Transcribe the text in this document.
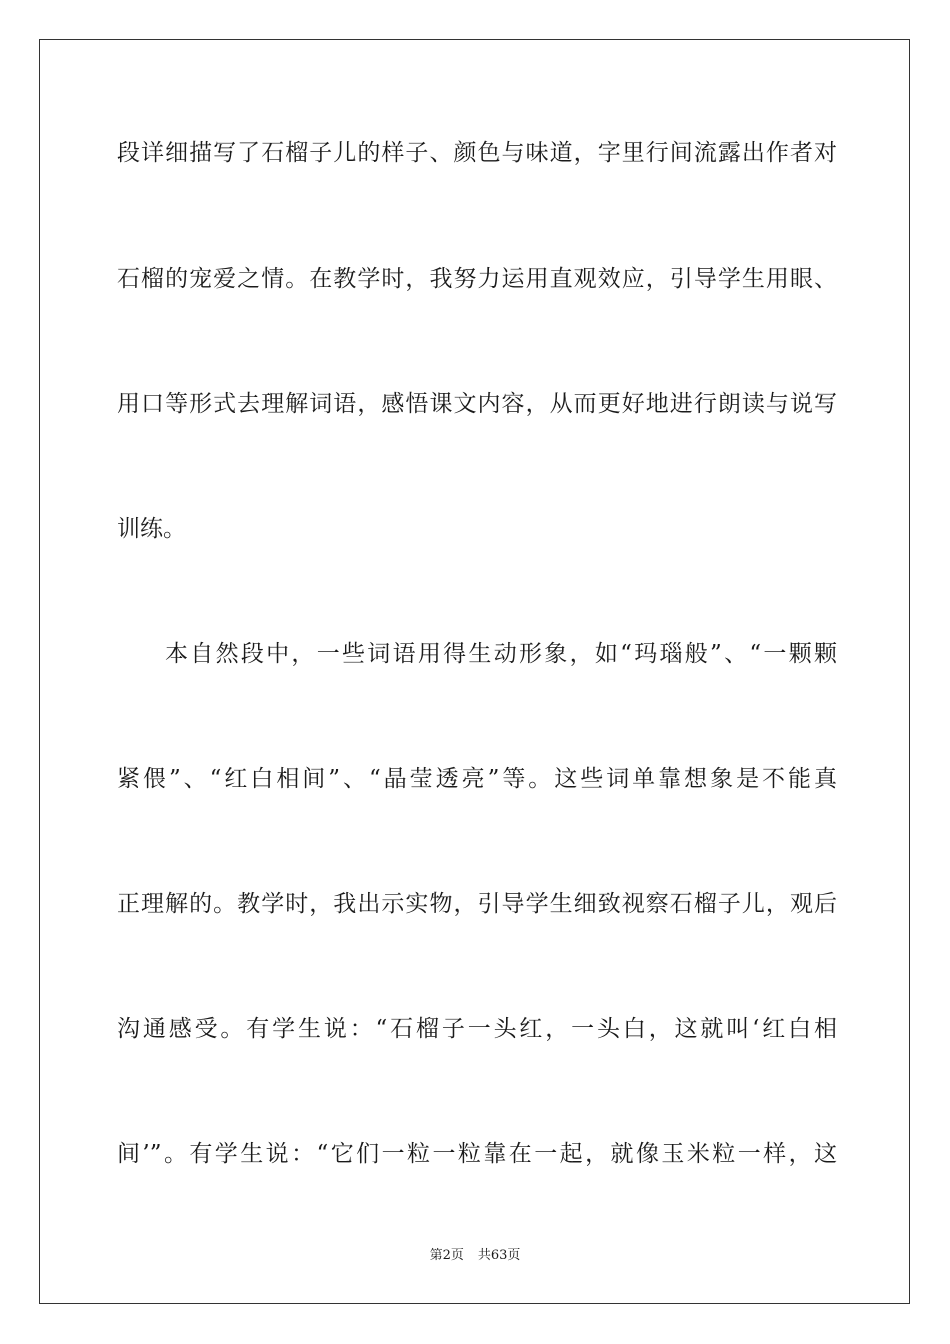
段详细描写了石榴子儿的样子、颜色与味道，字里行间流露出作者对
石榴的宠爱之情。在教学时，我努力运用直观效应，引导学生用眼、
用口等形式去理解词语，感悟课文内容，从而更好地进行朗读与说写
训练。
本自然段中，一些词语用得生动形象，如“玛瑙般”、“一颗颗
紧偎”、“红白相间”、“晶莹透亮”等。这些词单靠想象是不能真
正理解的。教学时，我出示实物，引导学生细致视察石榴子儿，观后
沟通感受。有学生说：“石榴子一头红，一头白，这就叫‘红白相
间’”。有学生说：“它们一粒一粒靠在一起，就像玉米粒一样，这
第2页 共63页
